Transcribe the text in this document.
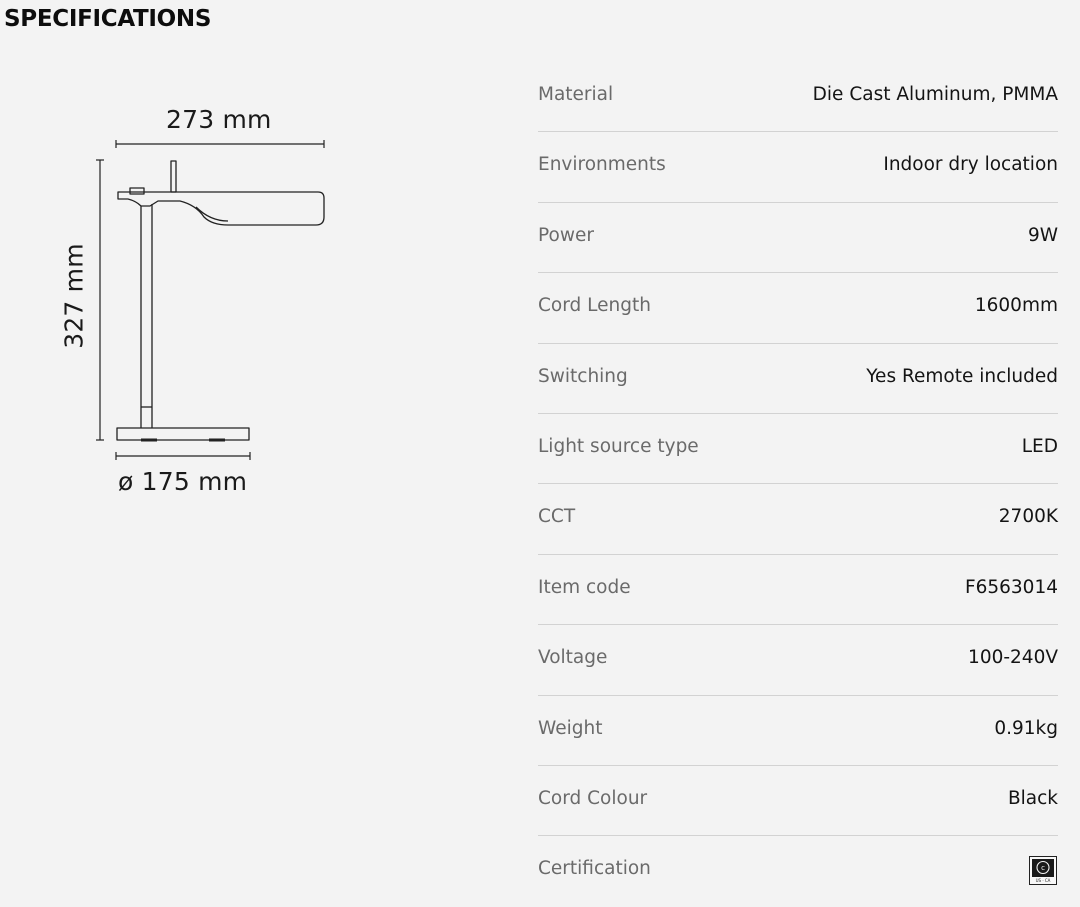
SPECIFICATIONS
273 mm
327 mm
ø 175 mm
Material	Die Cast Aluminum, PMMA
Environments	Indoor dry location
Power	9W
Cord Length	1600mm
Switching	Yes Remote included
Light source type	LED
CCT	2700K
Item code	F6563014
Voltage	100-240V
Weight	0.91kg
Cord Colour	Black
Certification	c
US · CA
